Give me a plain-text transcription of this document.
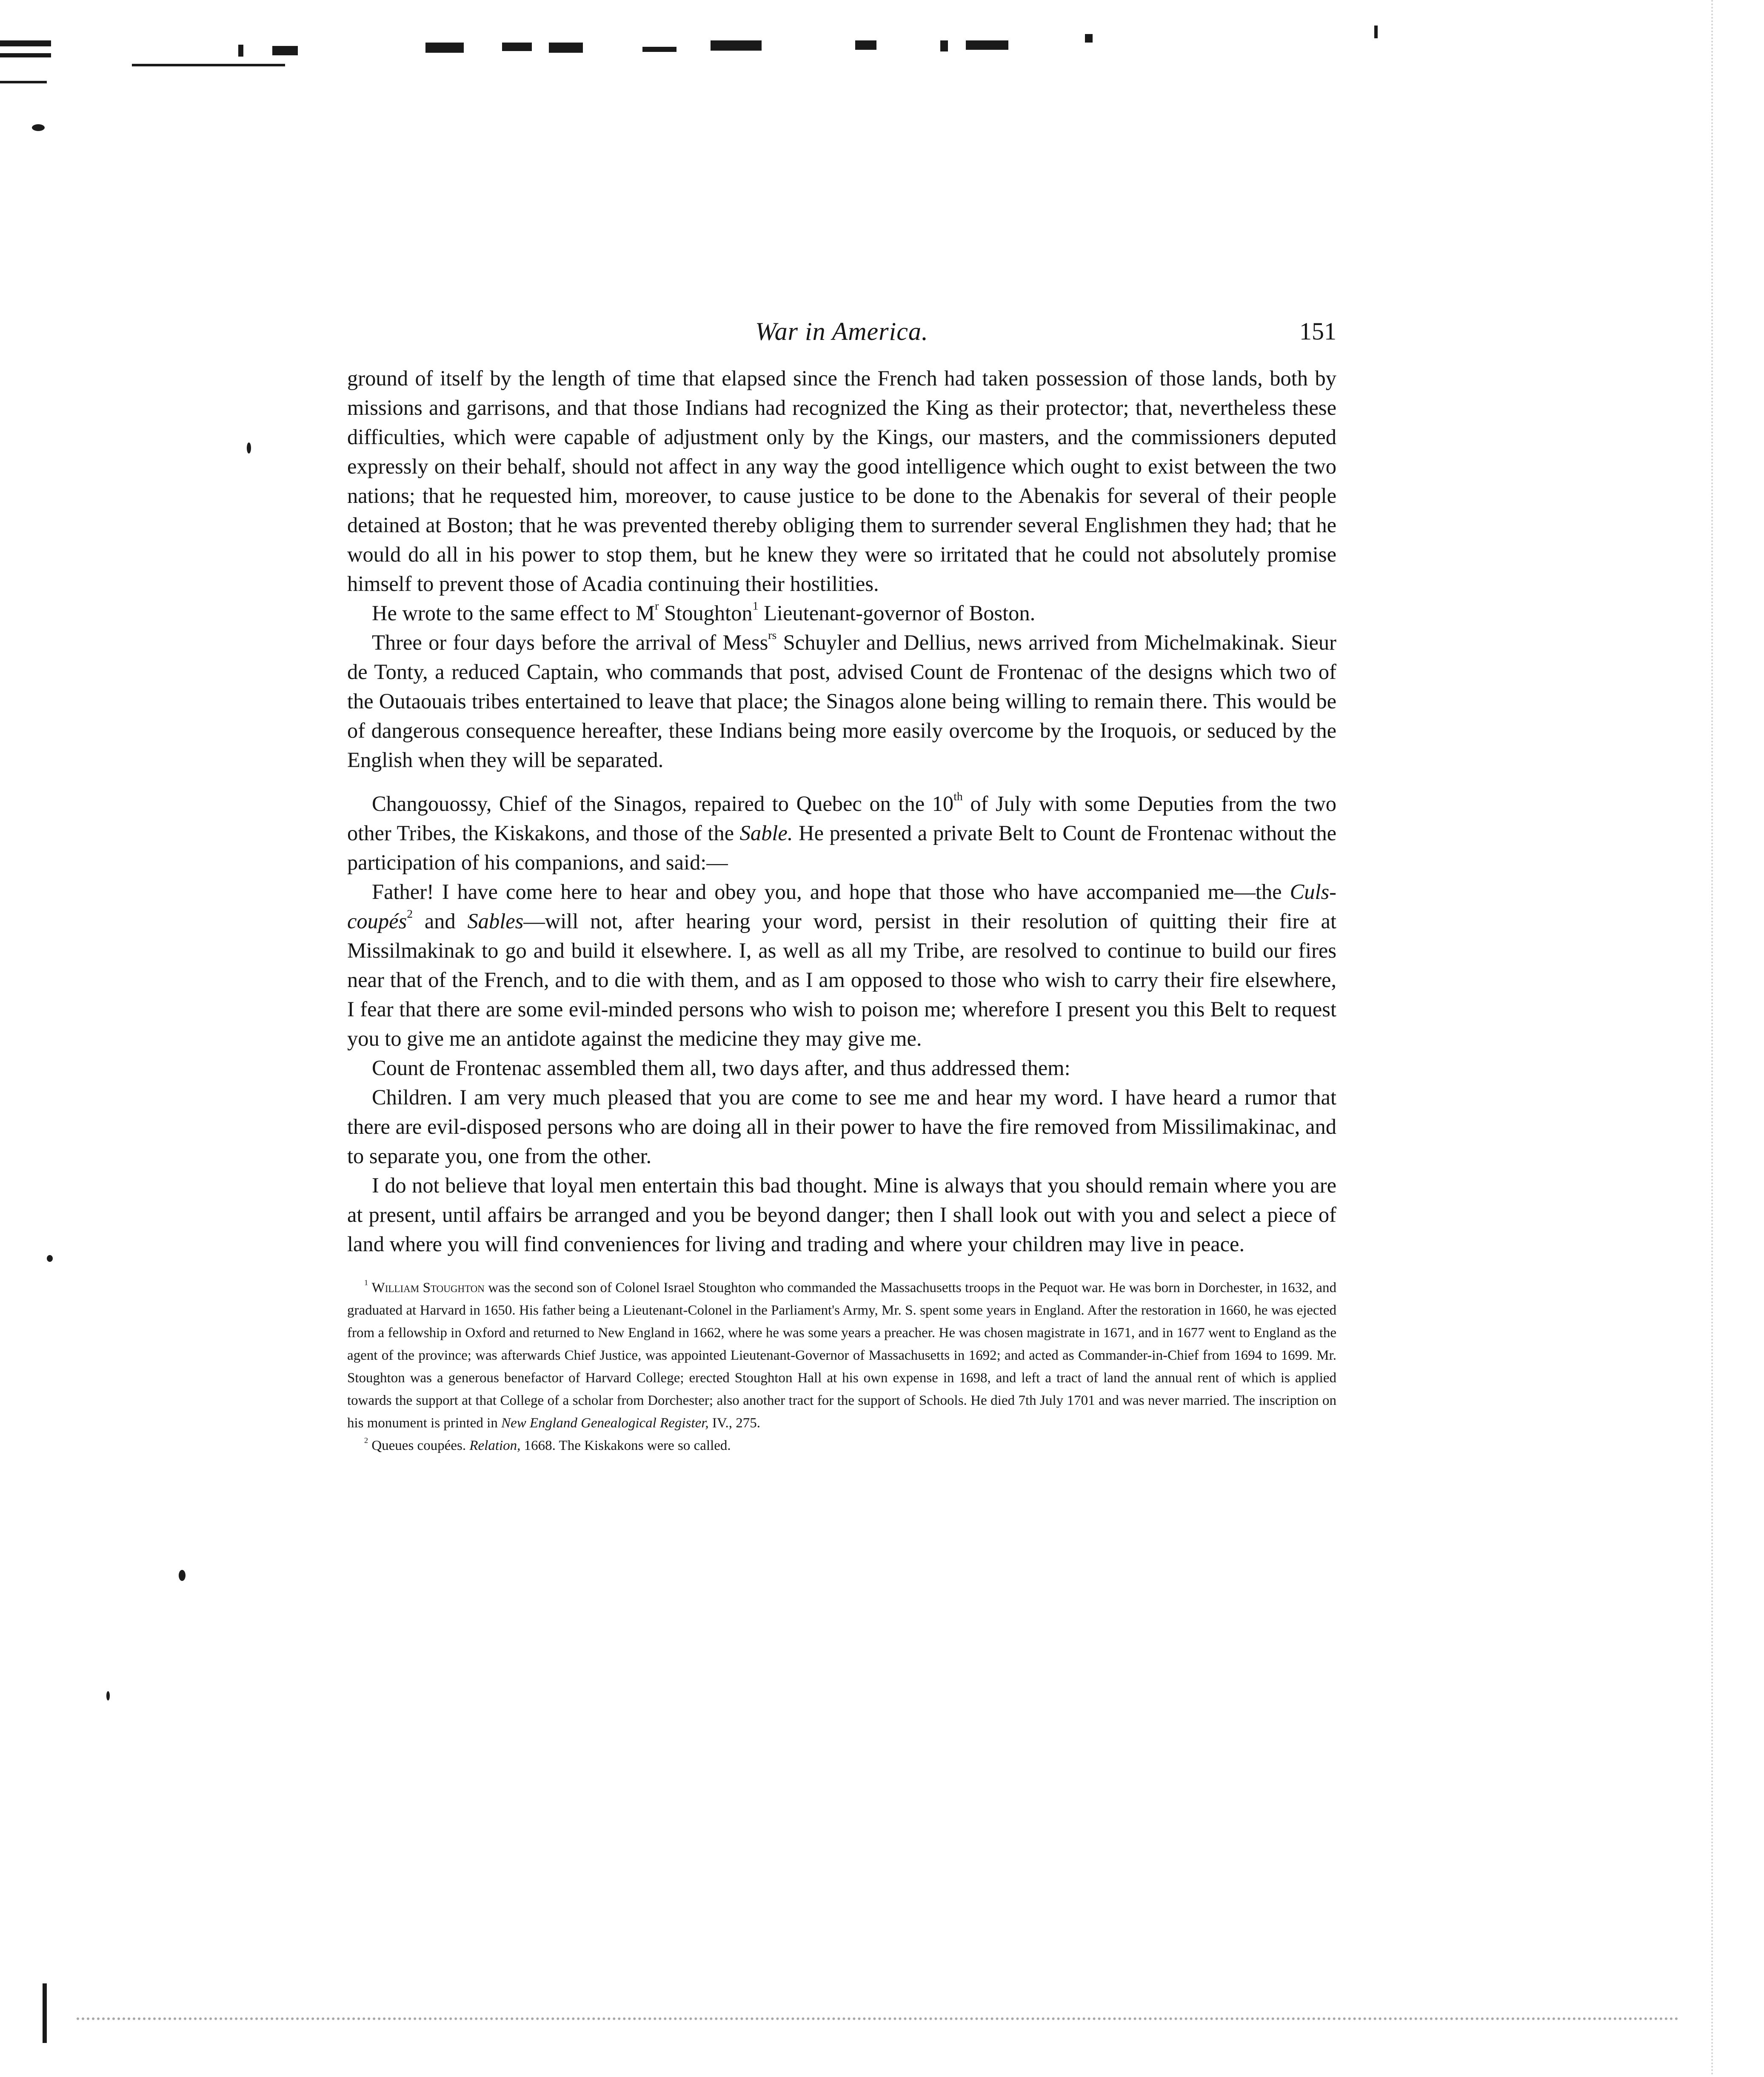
War in America.	151

ground of itself by the length of time that elapsed since the French had taken possession of those lands, both by missions and garrisons, and that those Indians had recognized the King as their protector; that, nevertheless these difficulties, which were capable of adjustment only by the Kings, our masters, and the commissioners deputed expressly on their behalf, should not affect in any way the good intelligence which ought to exist between the two nations; that he requested him, moreover, to cause justice to be done to the Abenakis for several of their people detained at Boston; that he was prevented thereby obliging them to surrender several Englishmen they had; that he would do all in his power to stop them, but he knew they were so irritated that he could not absolutely promise himself to prevent those of Acadia continuing their hostilities.

He wrote to the same effect to $M^r$ Stoughton$^1$ Lieutenant-governor of Boston.

Three or four days before the arrival of Mess$^{rs}$ Schuyler and Dellius, news arrived from Michelmakinak. Sieur de Tonty, a reduced Captain, who commands that post, advised Count de Frontenac of the designs which two of the Outaouais tribes entertained to leave that place; the Sinagos alone being willing to remain there. This would be of dangerous consequence hereafter, these Indians being more easily overcome by the Iroquois, or seduced by the English when they will be separated.

Changouossy, Chief of the Sinagos, repaired to Quebec on the 10th of July with some Deputies from the two other Tribes, the Kiskakons, and those of the Sable. He presented a private Belt to Count de Frontenac without the participation of his companions, and said:—

Father! I have come here to hear and obey you, and hope that those who have accompanied me—the Culs-coupés$^2$ and Sables—will not, after hearing your word, persist in their resolution of quitting their fire at Missilmakinak to go and build it elsewhere. I, as well as all my Tribe, are resolved to continue to build our fires near that of the French, and to die with them, and as I am opposed to those who wish to carry their fire elsewhere, I fear that there are some evil-minded persons who wish to poison me; wherefore I present you this Belt to request you to give me an antidote against the medicine they may give me.

Count de Frontenac assembled them all, two days after, and thus addressed them:

Children. I am very much pleased that you are come to see me and hear my word. I have heard a rumor that there are evil-disposed persons who are doing all in their power to have the fire removed from Missilimakinac, and to separate you, one from the other.

I do not believe that loyal men entertain this bad thought. Mine is always that you should remain where you are at present, until affairs be arranged and you be beyond danger; then I shall look out with you and select a piece of land where you will find conveniences for living and trading and where your children may live in peace.

$^1$ William Stoughton was the second son of Colonel Israel Stoughton who commanded the Massachusetts troops in the Pequot war. He was born in Dorchester, in 1632, and graduated at Harvard in 1650. His father being a Lieutenant-Colonel in the Parliament's Army, Mr. S. spent some years in England. After the restoration in 1660, he was ejected from a fellowship in Oxford and returned to New England in 1662, where he was some years a preacher. He was chosen magistrate in 1671, and in 1677 went to England as the agent of the province; was afterwards Chief Justice, was appointed Lieutenant-Governor of Massachusetts in 1692; and acted as Commander-in-Chief from 1694 to 1699. Mr. Stoughton was a generous benefactor of Harvard College; erected Stoughton Hall at his own expense in 1698, and left a tract of land the annual rent of which is applied towards the support at that College of a scholar from Dorchester; also another tract for the support of Schools. He died 7th July 1701 and was never married. The inscription on his monument is printed in New England Genealogical Register, IV., 275.

$^2$ Queues coupées. Relation, 1668. The Kiskakons were so called.
